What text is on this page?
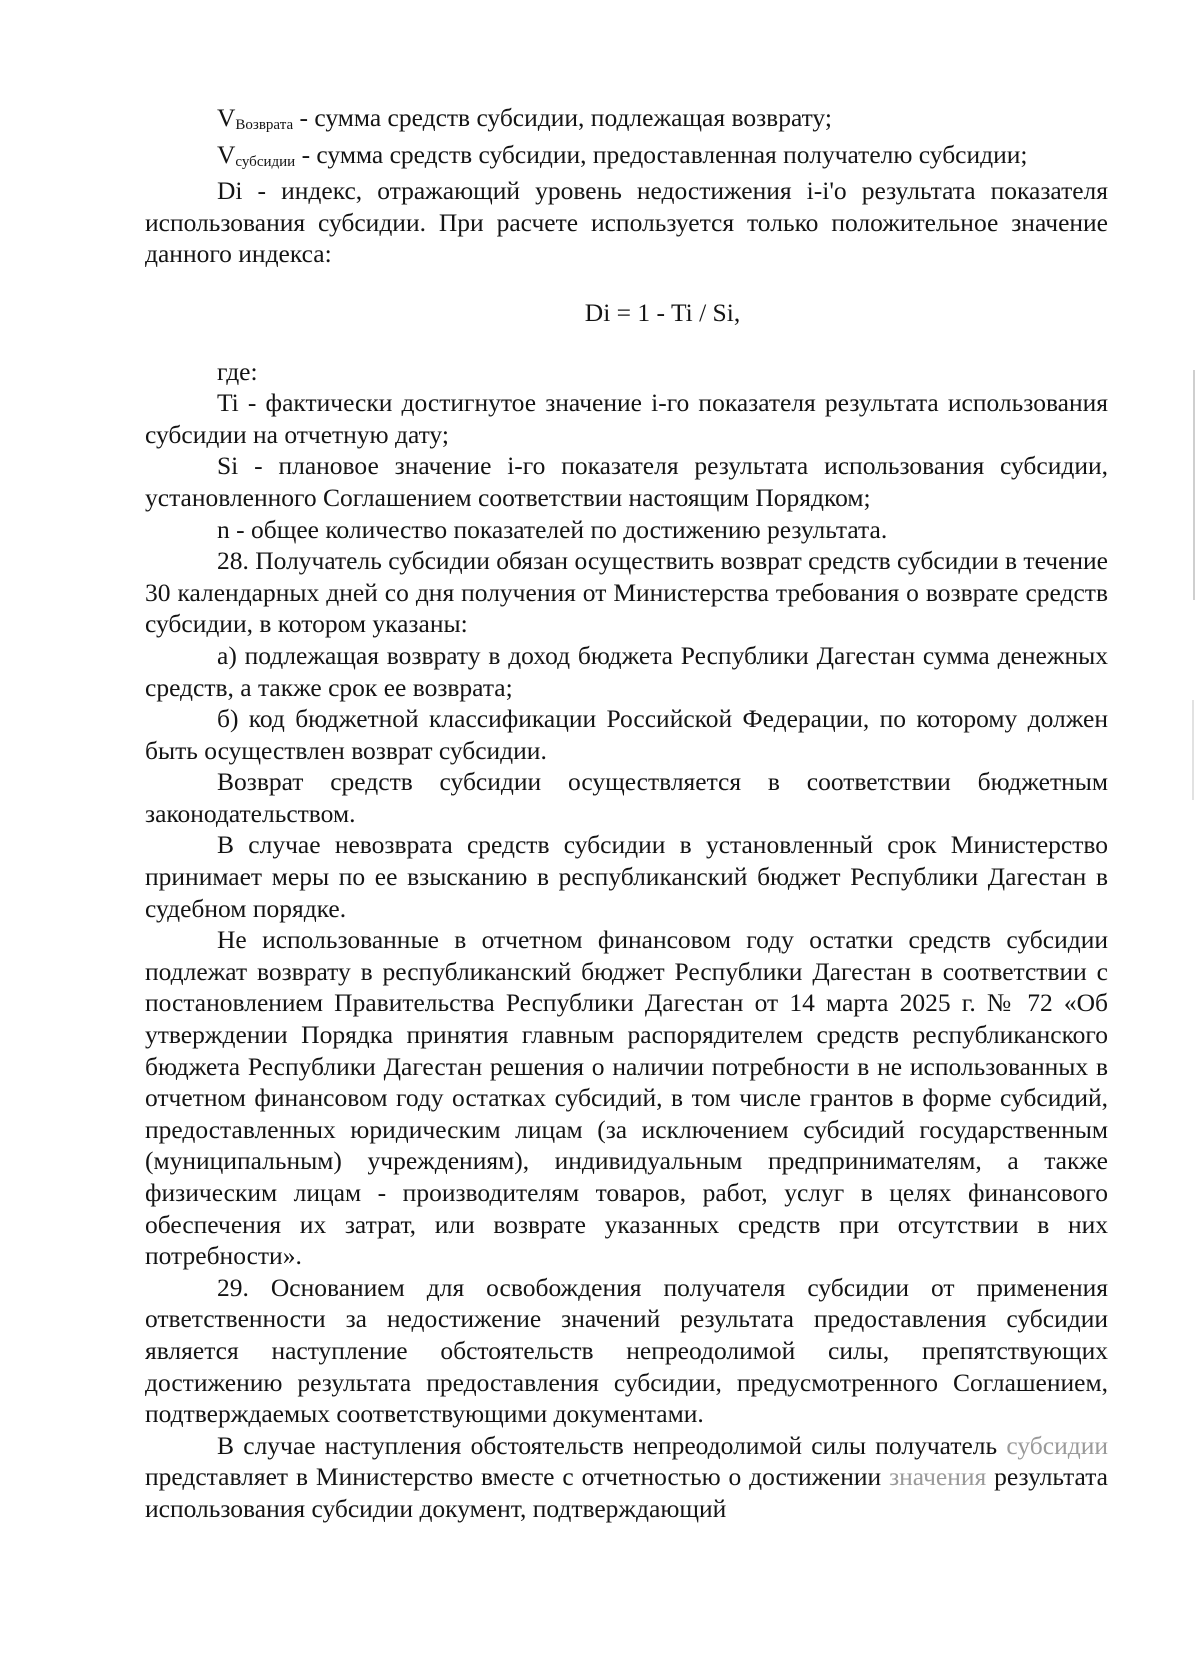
VВозврата - сумма средств субсидии, подлежащая возврату;

Vсубсидии - сумма средств субсидии, предоставленная получателю субсидии;

Di - индекс, отражающий уровень недостижения i-i'о результата показателя использования субсидии. При расчете используется только положительное значение данного индекса:

Di = 1 - Ti / Si,

где:

Ti - фактически достигнутое значение i-го показателя результата использования субсидии на отчетную дату;

Si - плановое значение i-го показателя результата использования субсидии, установленного Соглашением соответствии настоящим Порядком;

n - общее количество показателей по достижению результата.

28. Получатель субсидии обязан осуществить возврат средств субсидии в течение 30 календарных дней со дня получения от Министерства требования о возврате средств субсидии, в котором указаны:

а) подлежащая возврату в доход бюджета Республики Дагестан сумма денежных средств, а также срок ее возврата;

б) код бюджетной классификации Российской Федерации, по которому должен быть осуществлен возврат субсидии.

Возврат средств субсидии осуществляется в соответствии бюджетным законодательством.

В случае невозврата средств субсидии в установленный срок Министерство принимает меры по ее взысканию в республиканский бюджет Республики Дагестан в судебном порядке.

Не использованные в отчетном финансовом году остатки средств субсидии подлежат возврату в республиканский бюджет Республики Дагестан в соответствии с постановлением Правительства Республики Дагестан от 14 марта 2025 г. № 72 «Об утверждении Порядка принятия главным распорядителем средств республиканского бюджета Республики Дагестан решения о наличии потребности в не использованных в отчетном финансовом году остатках субсидий, в том числе грантов в форме субсидий, предоставленных юридическим лицам (за исключением субсидий государственным (муниципальным) учреждениям), индивидуальным предпринимателям, а также физическим лицам - производителям товаров, работ, услуг в целях финансового обеспечения их затрат, или возврате указанных средств при отсутствии в них потребности».

29. Основанием для освобождения получателя субсидии от применения ответственности за недостижение значений результата предоставления субсидии является наступление обстоятельств непреодолимой силы, препятствующих достижению результата предоставления субсидии, предусмотренного Соглашением, подтверждаемых соответствующими документами.

В случае наступления обстоятельств непреодолимой силы получатель субсидии представляет в Министерство вместе с отчетностью о достижении значения результата использования субсидии документ, подтверждающий
